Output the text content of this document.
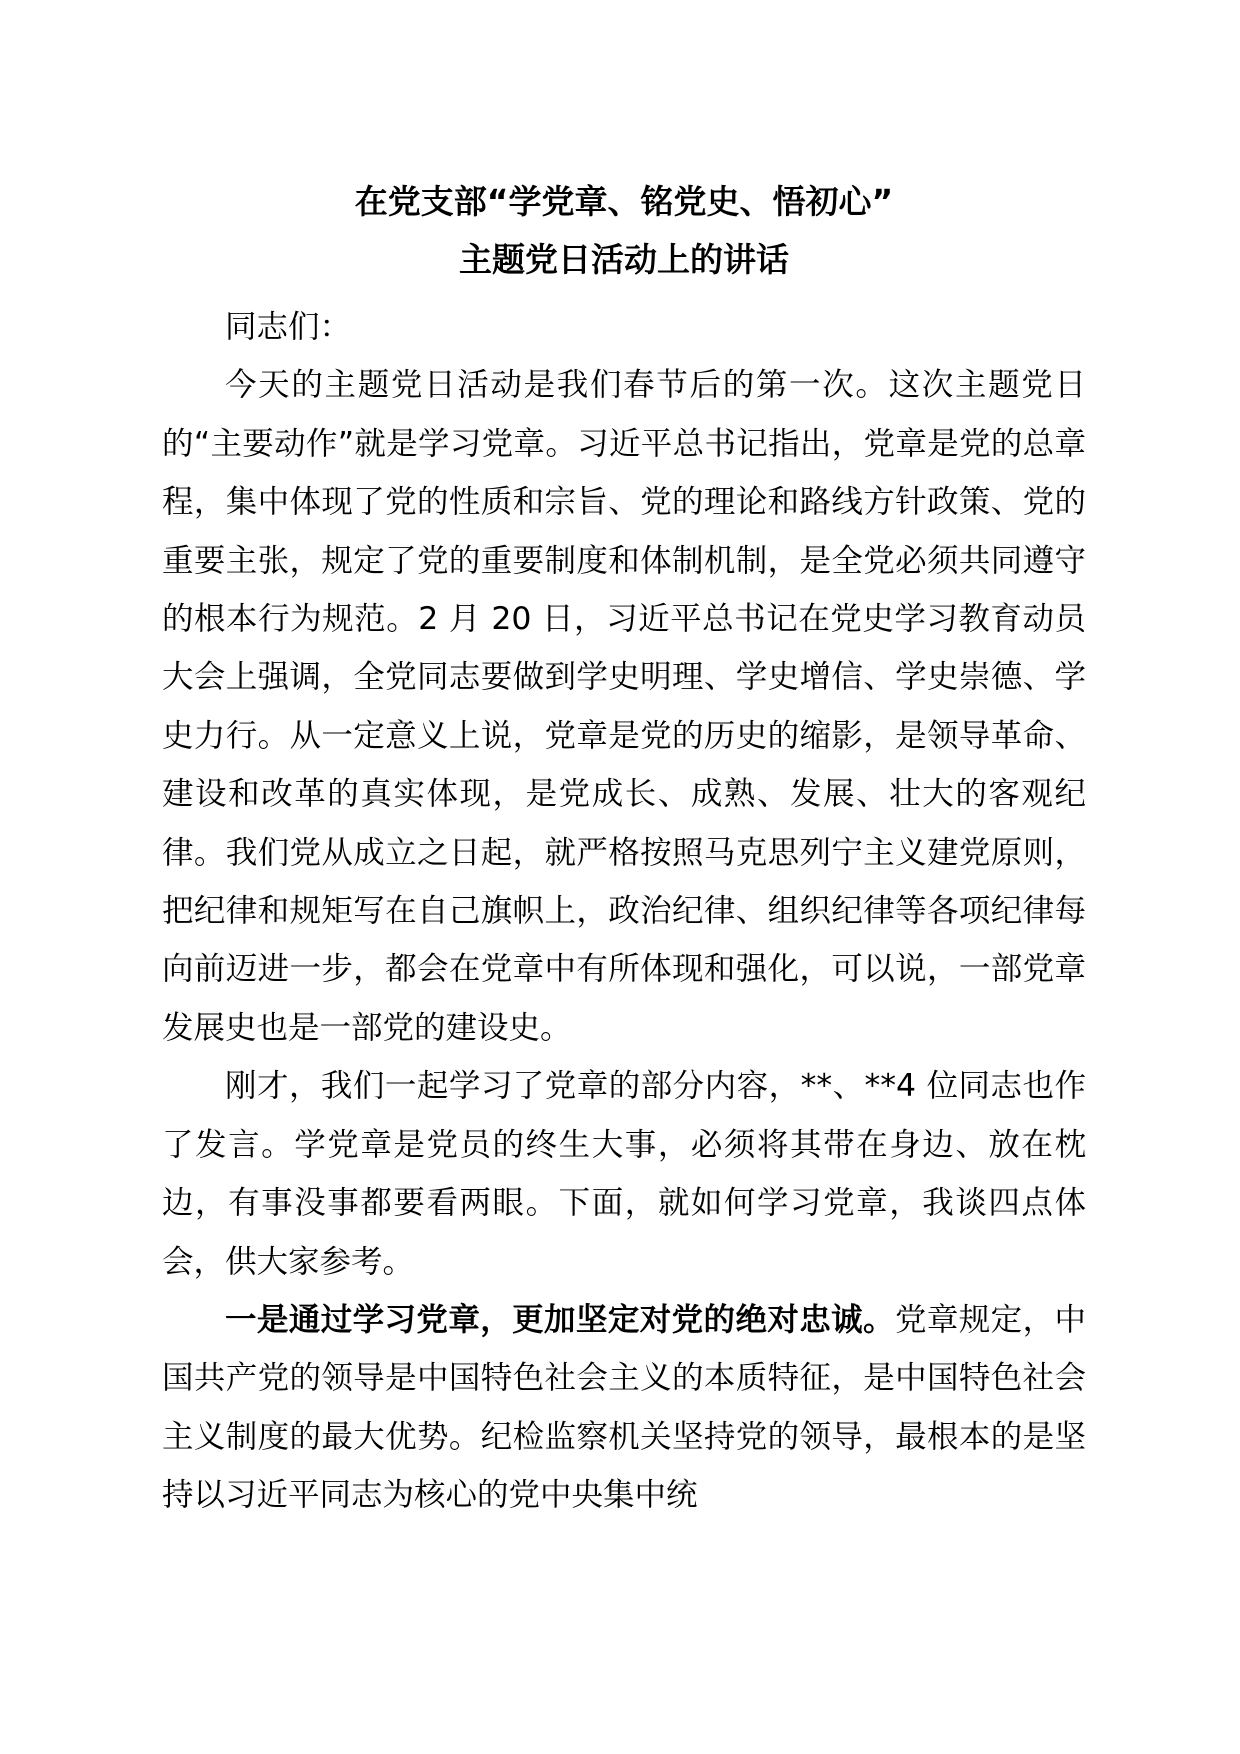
在党支部“学党章、铭党史、悟初心”
主题党日活动上的讲话

同志们：

今天的主题党日活动是我们春节后的第一次。这次主题党日的“主要动作”就是学习党章。习近平总书记指出，党章是党的总章程，集中体现了党的性质和宗旨、党的理论和路线方针政策、党的重要主张，规定了党的重要制度和体制机制，是全党必须共同遵守的根本行为规范。2 月 20 日，习近平总书记在党史学习教育动员大会上强调，全党同志要做到学史明理、学史增信、学史崇德、学史力行。从一定意义上说，党章是党的历史的缩影，是领导革命、建设和改革的真实体现，是党成长、成熟、发展、壮大的客观纪律。我们党从成立之日起，就严格按照马克思列宁主义建党原则，把纪律和规矩写在自己旗帜上，政治纪律、组织纪律等各项纪律每向前迈进一步，都会在党章中有所体现和强化，可以说，一部党章发展史也是一部党的建设史。

刚才，我们一起学习了党章的部分内容，**、**4 位同志也作了发言。学党章是党员的终生大事，必须将其带在身边、放在枕边，有事没事都要看两眼。下面，就如何学习党章，我谈四点体会，供大家参考。

一是通过学习党章，更加坚定对党的绝对忠诚。党章规定，中国共产党的领导是中国特色社会主义的本质特征，是中国特色社会主义制度的最大优势。纪检监察机关坚持党的领导，最根本的是坚持以习近平同志为核心的党中央集中统
